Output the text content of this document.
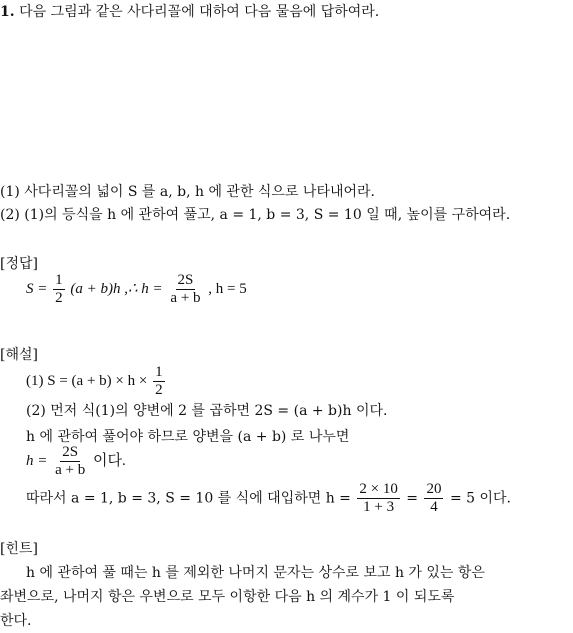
1. 다음 그림과 같은 사다리꼴에 대하여 다음 물음에 답하여라.
(1) 사다리꼴의 넓이 S 를 a, b, h 에 관한 식으로 나타내어라.
(2) (1)의 등식을 h 에 관하여 풀고, a = 1, b = 3, S = 10 일 때, 높이를 구하여라.
[정답]
$S = \frac{1}{2} (a + b)h$ ,∴ $h = \frac{2S}{a + b}$ , h = 5
[해설]
(1) $S = (a + b) \times h \times \frac{1}{2}$
(2) 먼저 식(1)의 양변에 2 를 곱하면 2S = (a + b)h 이다.
h 에 관하여 풀어야 하므로 양변을 (a + b) 로 나누면
$h = \frac{2S}{a + b}$ 이다.
따라서 a = 1, b = 3, S = 10 를 식에 대입하면 $h = \frac{2 \times 10}{1 + 3} = \frac{20}{4} = 5$ 이다.
[힌트]
h 에 관하여 풀 때는 h 를 제외한 나머지 문자는 상수로 보고 h 가 있는 항은
좌변으로, 나머지 항은 우변으로 모두 이항한 다음 h 의 계수가 1 이 되도록
한다.
